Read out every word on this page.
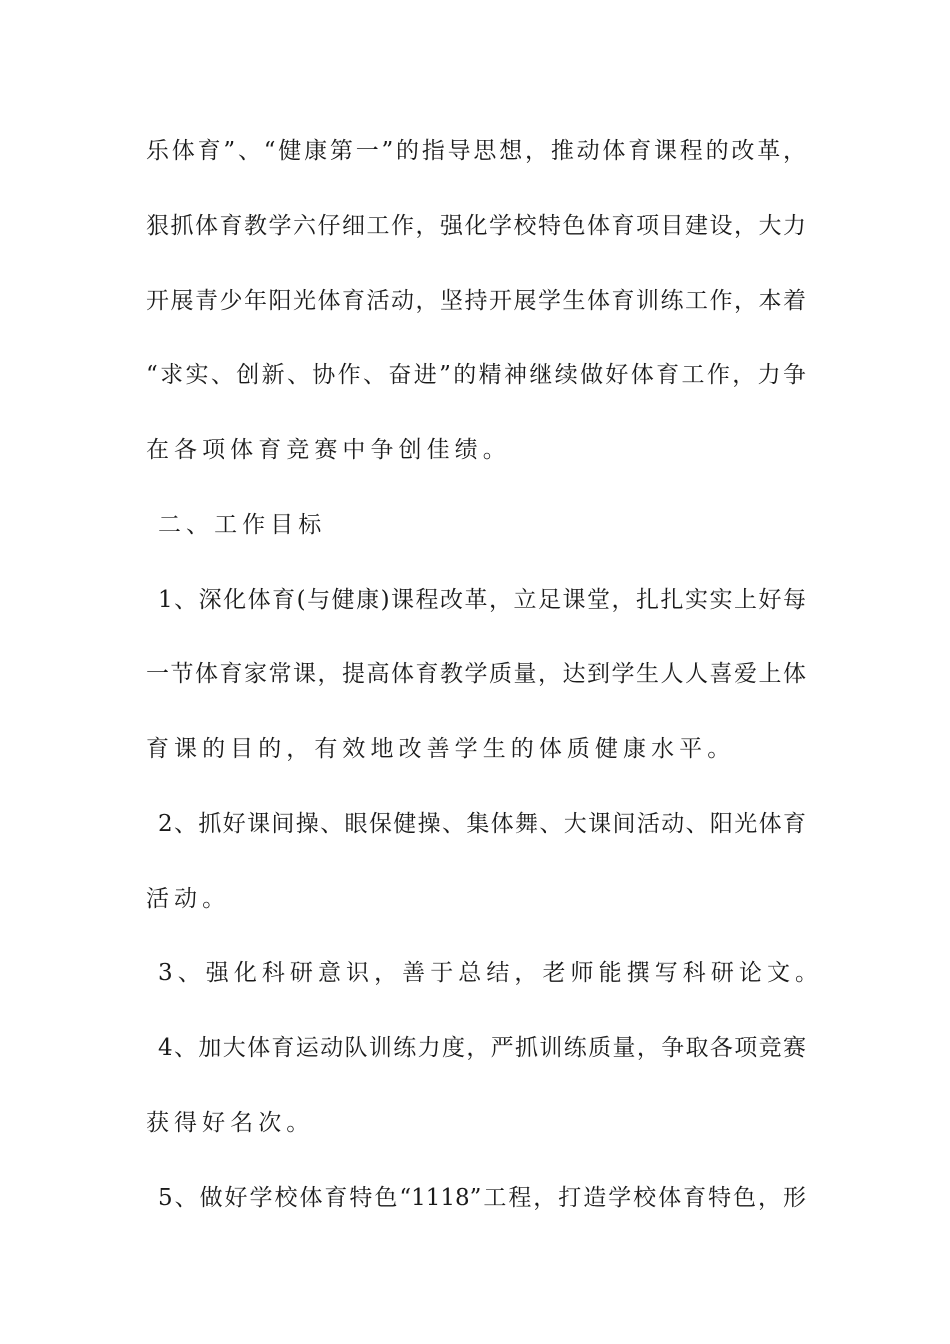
乐体育”、“健康第一”的指导思想，推动体育课程的改革，
狠抓体育教学六仔细工作，强化学校特色体育项目建设，大力
开展青少年阳光体育活动，坚持开展学生体育训练工作，本着
“求实、创新、协作、奋进”的精神继续做好体育工作，力争
在各项体育竞赛中争创佳绩。
二、工作目标
1、深化体育(与健康)课程改革，立足课堂，扎扎实实上好每
一节体育家常课，提高体育教学质量，达到学生人人喜爱上体
育课的目的，有效地改善学生的体质健康水平。
2、抓好课间操、眼保健操、集体舞、大课间活动、阳光体育
活动。
3、强化科研意识，善于总结，老师能撰写科研论文。
4、加大体育运动队训练力度，严抓训练质量，争取各项竞赛
获得好名次。
5、做好学校体育特色“1118”工程，打造学校体育特色，形
